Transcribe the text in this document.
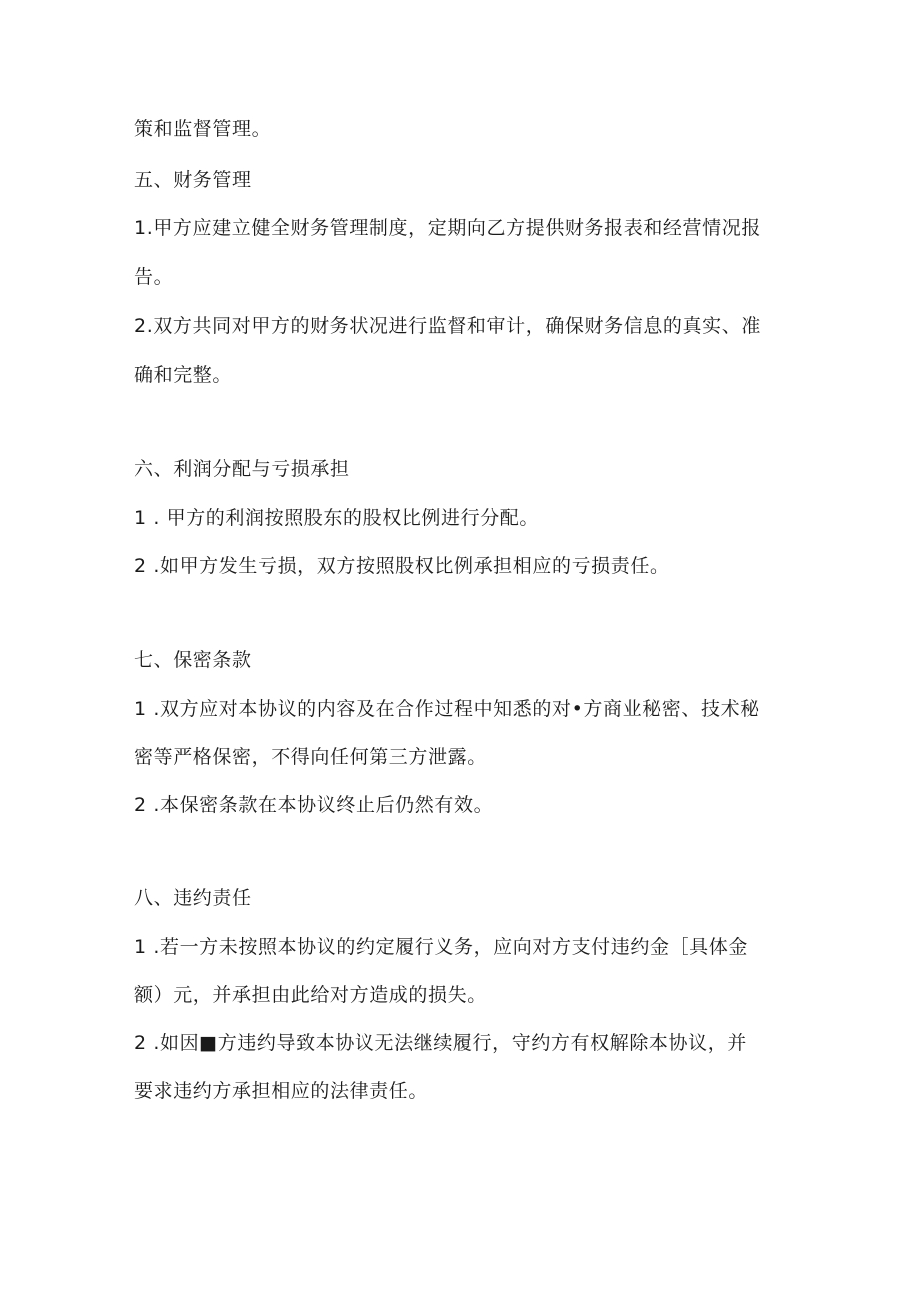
策和监督管理。
五、财务管理
1.甲方应建立健全财务管理制度，定期向乙方提供财务报表和经营情况报
告。
2.双方共同对甲方的财务状况进行监督和审计，确保财务信息的真实、准
确和完整。
六、利润分配与亏损承担
1 . 甲方的利润按照股东的股权比例进行分配。
2 .如甲方发生亏损，双方按照股权比例承担相应的亏损责任。
七、保密条款
1 .双方应对本协议的内容及在合作过程中知悉的对•方商业秘密、技术秘
密等严格保密，不得向任何第三方泄露。
2 .本保密条款在本协议终止后仍然有效。
八、违约责任
1 .若一方未按照本协议的约定履行义务，应向对方支付违约金［具体金
额）元，并承担由此给对方造成的损失。
2 .如因■方违约导致本协议无法继续履行，守约方有权解除本协议，并
要求违约方承担相应的法律责任。
